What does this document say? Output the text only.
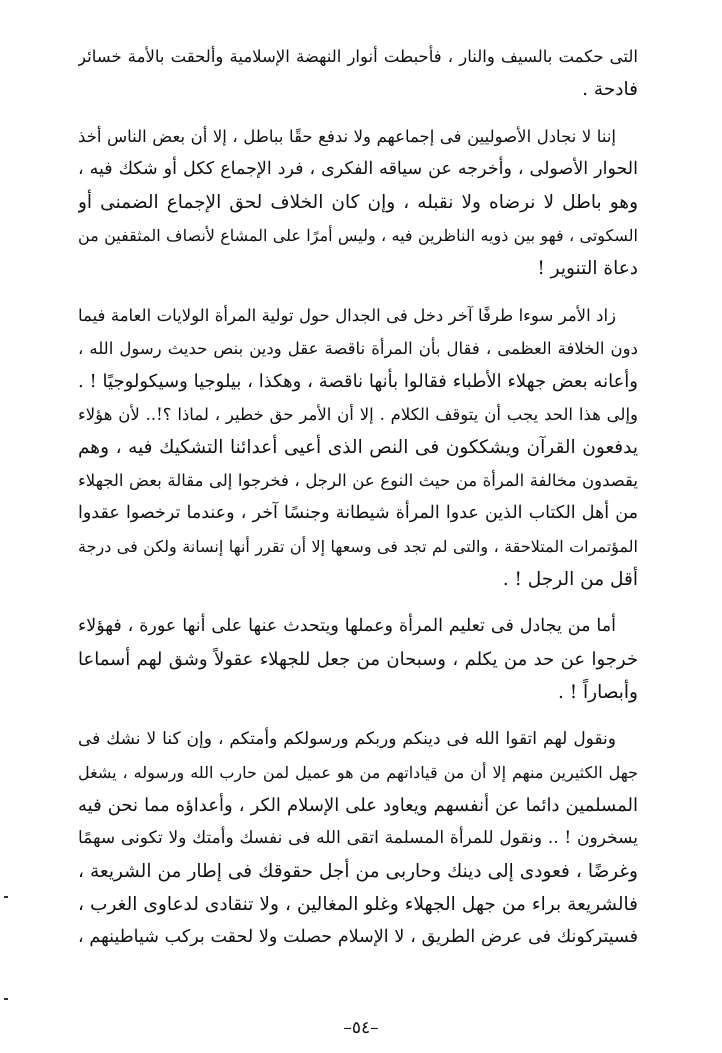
التى حكمت بالسيف والنار ، فأحبطت أنوار النهضة الإسلامية وألحقت بالأمة خسائر
فادحة .
إننا لا نجادل الأصوليين فى إجماعهم ولا ندفع حقًا بباطل ، إلا أن بعض الناس أخذ
الحوار الأصولى ، وأخرجه عن سياقه الفكرى ، فرد الإجماع ككل أو شكك فيه ،
وهو باطل لا نرضاه ولا نقبله ، وإن كان الخلاف لحق الإجماع الضمنى أو
السكوتى ، فهو بين ذويه الناظرين فيه ، وليس أمرًا على المشاع لأنصاف المثقفين من
دعاة التنوير !
زاد الأمر سوءا طرفًا آخر دخل فى الجدال حول تولية المرأة الولايات العامة فيما
دون الخلافة العظمى ، فقال بأن المرأة ناقصة عقل ودين بنص حديث رسول الله ،
وأعانه بعض جهلاء الأطباء فقالوا بأنها ناقصة ، وهكذا ، بيلوجيا وسيكولوجيًا ! .
وإلى هذا الحد يجب أن يتوقف الكلام . إلا أن الأمر حق خطير ، لماذا ؟!.. لأن هؤلاء
يدفعون القرآن ويشككون فى النص الذى أعيى أعدائنا التشكيك فيه ، وهم
يقصدون مخالفة المرأة من حيث النوع عن الرجل ، فخرجوا إلى مقالة بعض الجهلاء
من أهل الكتاب الذين عدوا المرأة شيطانة وجنسًا آخر ، وعندما ترخصوا عقدوا
المؤتمرات المتلاحقة ، والتى لم تجد فى وسعها إلا أن تقرر أنها إنسانة ولكن فى درجة
أقل من الرجل ! .
أما من يجادل فى تعليم المرأة وعملها ويتحدث عنها على أنها عورة ، فهؤلاء
خرجوا عن حد من يكلم ، وسبحان من جعل للجهلاء عقولاً وشق لهم أسماعا
وأبصاراً ! .
ونقول لهم اتقوا الله فى دينكم وربكم ورسولكم وأمتكم ، وإن كنا لا نشك فى
جهل الكثيرين منهم إلا أن من قياداتهم من هو عميل لمن حارب الله ورسوله ، يشغل
المسلمين دائما عن أنفسهم ويعاود على الإسلام الكر ، وأعداؤه مما نحن فيه
يسخرون ! .. ونقول للمرأة المسلمة اتقى الله فى نفسك وأمتك ولا تكونى سهمًا
وغرضًا ، فعودى إلى دينك وحاربى من أجل حقوقك فى إطار من الشريعة ،
فالشريعة براء من جهل الجهلاء وغلو المغالين ، ولا تنقادى لدعاوى الغرب ،
فسيتركونك فى عرض الطريق ، لا الإسلام حصلت ولا لحقت بركب شياطينهم ،
–٥٤–
